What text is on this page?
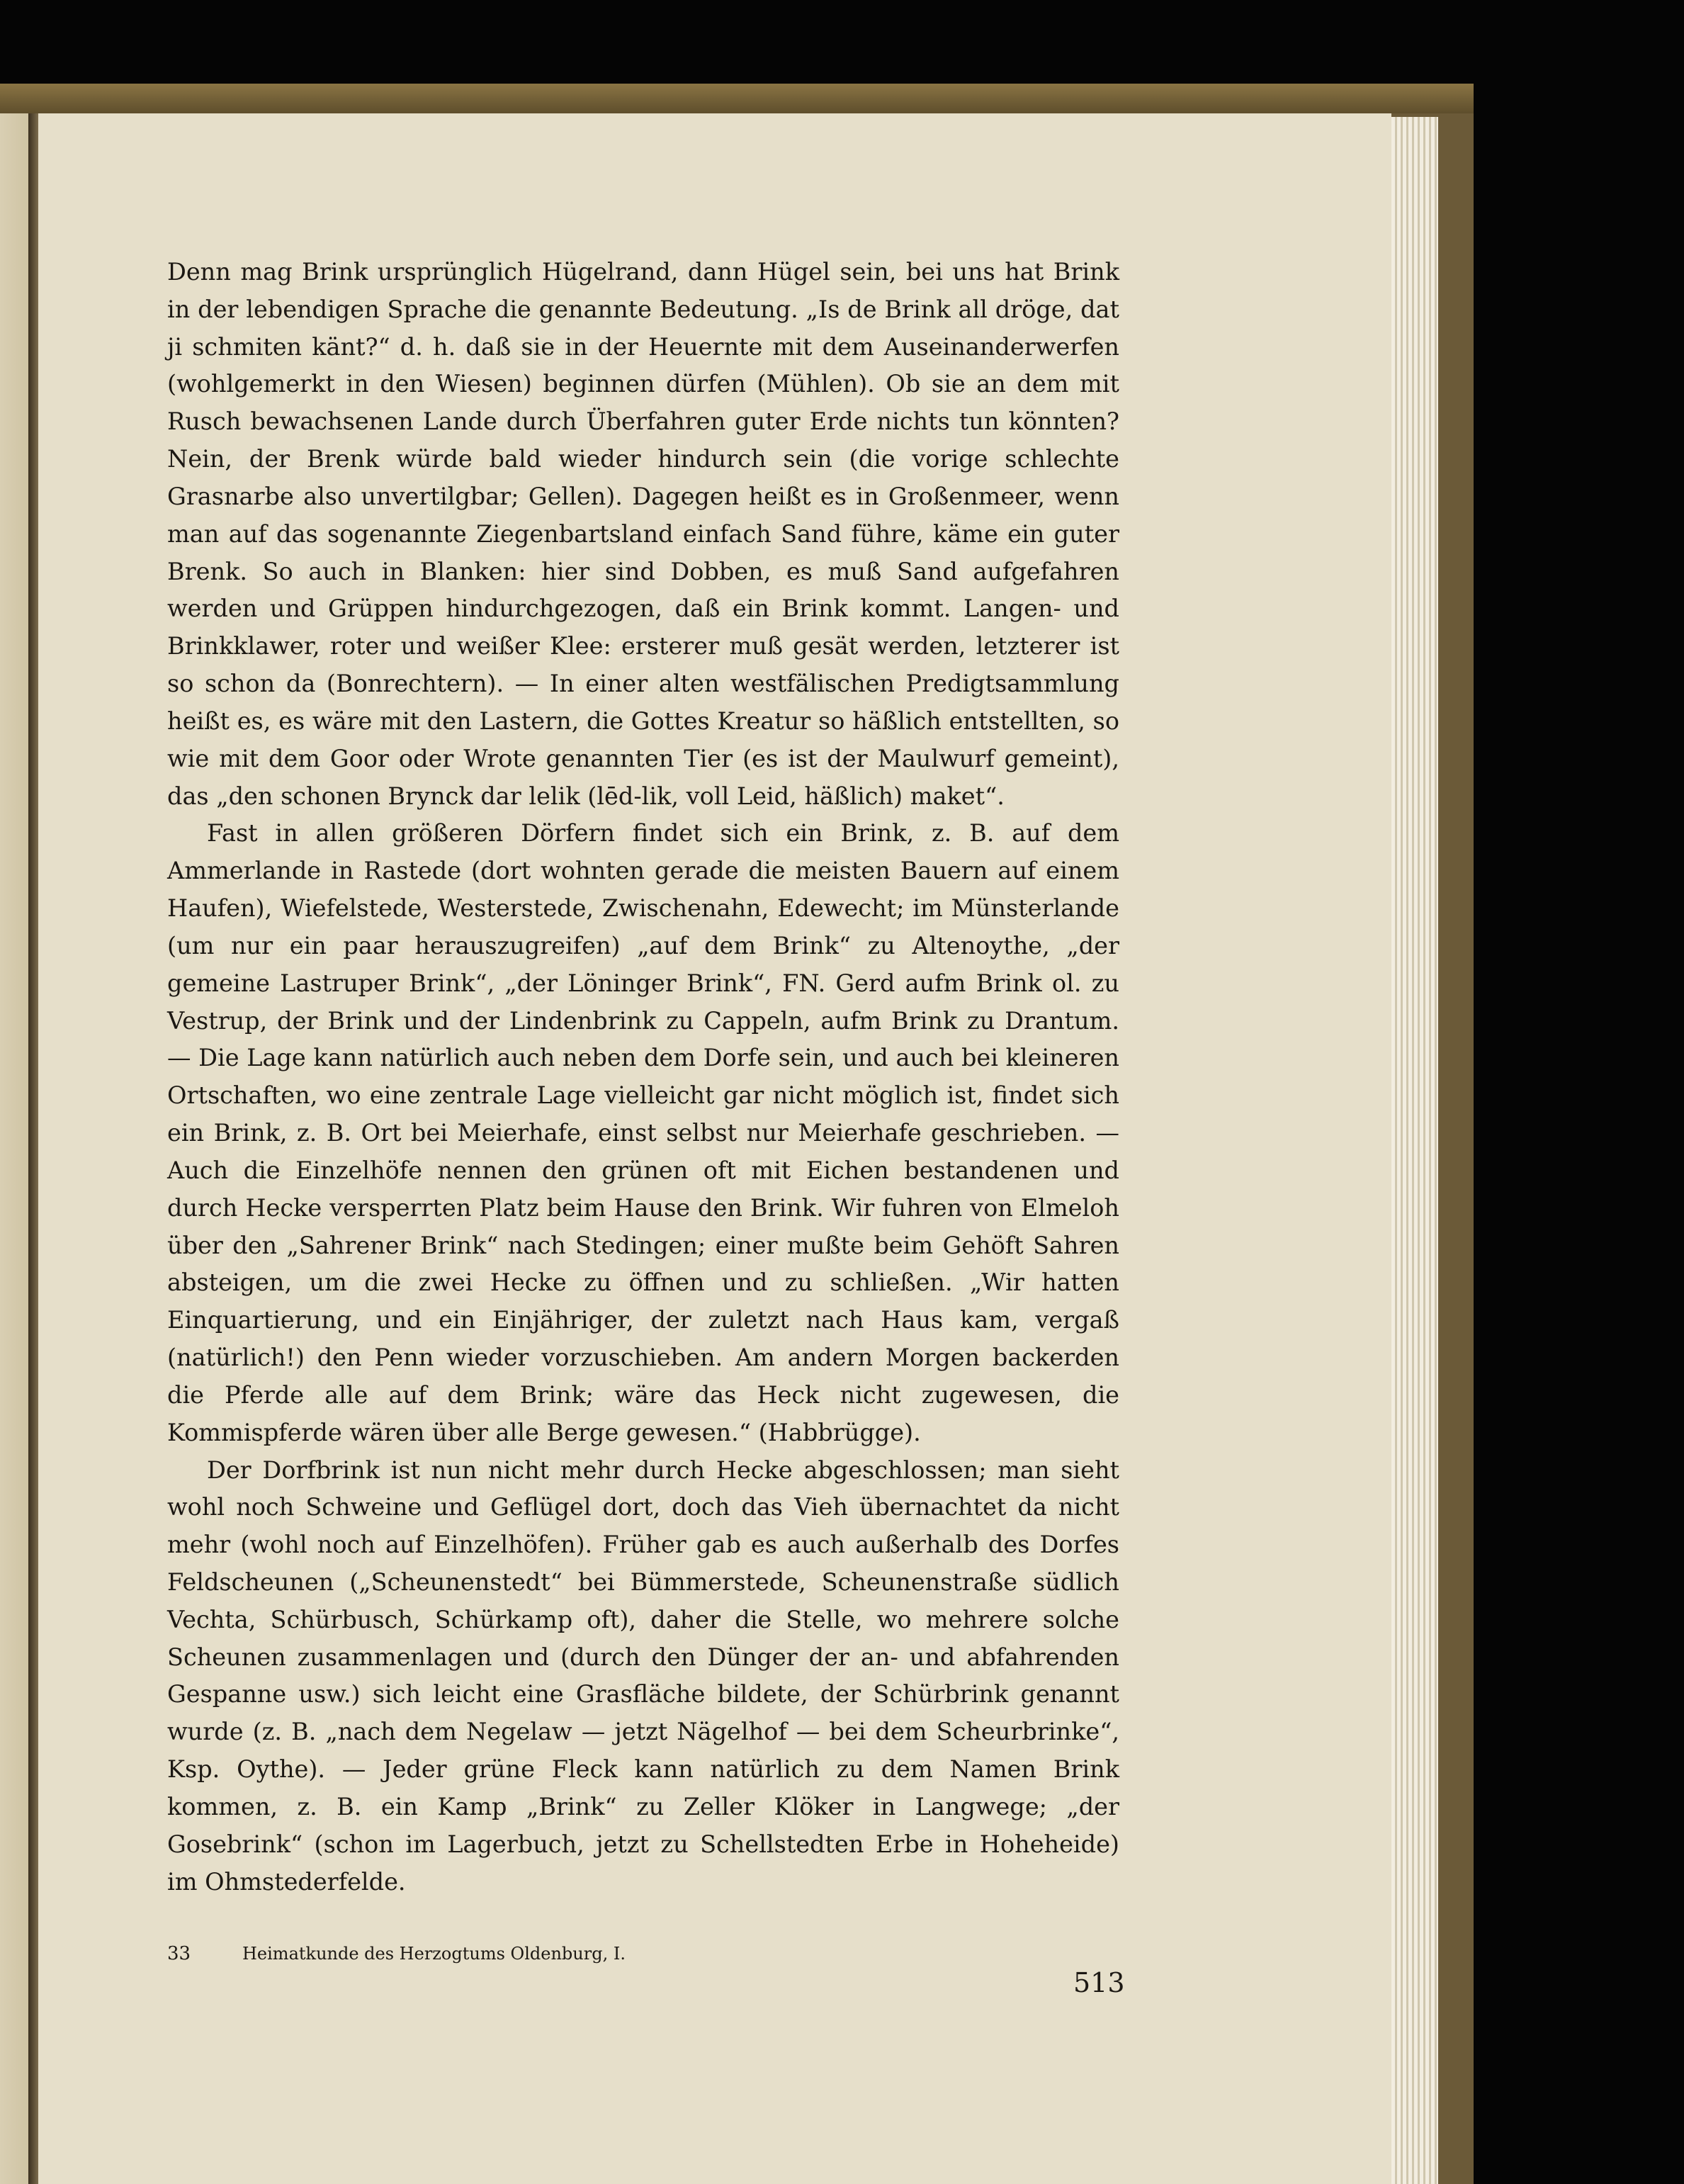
Denn mag Brink ursprünglich Hügelrand, dann Hügel sein, bei uns hat Brink in der lebendigen Sprache die genannte Bedeutung. „Is de Brink all dröge, dat ji schmiten känt?“ d. h. daß sie in der Heuernte mit dem Auseinanderwerfen (wohlgemerkt in den Wiesen) beginnen dürfen (Mühlen). Ob sie an dem mit Rusch bewachsenen Lande durch Überfahren guter Erde nichts tun könnten? Nein, der Brenk würde bald wieder hindurch sein (die vorige schlechte Grasnarbe also unvertilgbar; Gellen). Dagegen heißt es in Großenmeer, wenn man auf das sogenannte Ziegenbartsland einfach Sand führe, käme ein guter Brenk. So auch in Blanken: hier sind Dobben, es muß Sand aufgefahren werden und Grüppen hindurchgezogen, daß ein Brink kommt. Langen- und Brinkklawer, roter und weißer Klee: ersterer muß gesät werden, letzterer ist so schon da (Bonrechtern). — In einer alten westfälischen Predigtsammlung heißt es, es wäre mit den Lastern, die Gottes Kreatur so häßlich entstellten, so wie mit dem Goor oder Wrote genannten Tier (es ist der Maulwurf gemeint), das „den schonen Brynck dar lelik (lēd-lik, voll Leid, häßlich) maket“.

Fast in allen größeren Dörfern findet sich ein Brink, z. B. auf dem Ammerlande in Rastede (dort wohnten gerade die meisten Bauern auf einem Haufen), Wiefelstede, Westerstede, Zwischenahn, Edewecht; im Münsterlande (um nur ein paar herauszugreifen) „auf dem Brink“ zu Altenoythe, „der gemeine Lastruper Brink“, „der Löninger Brink“, FN. Gerd aufm Brink ol. zu Vestrup, der Brink und der Lindenbrink zu Cappeln, aufm Brink zu Drantum. — Die Lage kann natürlich auch neben dem Dorfe sein, und auch bei kleineren Ortschaften, wo eine zentrale Lage vielleicht gar nicht möglich ist, findet sich ein Brink, z. B. Ort bei Meierhafe, einst selbst nur Meierhafe geschrieben. — Auch die Einzelhöfe nennen den grünen oft mit Eichen bestandenen und durch Hecke versperrten Platz beim Hause den Brink. Wir fuhren von Elmeloh über den „Sahrener Brink“ nach Stedingen; einer mußte beim Gehöft Sahren absteigen, um die zwei Hecke zu öffnen und zu schließen. „Wir hatten Einquartierung, und ein Einjähriger, der zuletzt nach Haus kam, vergaß (natürlich!) den Penn wieder vorzuschieben. Am andern Morgen backerden die Pferde alle auf dem Brink; wäre das Heck nicht zugewesen, die Kommispferde wären über alle Berge gewesen.“ (Habbrügge).

Der Dorfbrink ist nun nicht mehr durch Hecke abgeschlossen; man sieht wohl noch Schweine und Geflügel dort, doch das Vieh übernachtet da nicht mehr (wohl noch auf Einzelhöfen). Früher gab es auch außerhalb des Dorfes Feldscheunen („Scheunenstedt“ bei Bümmerstede, Scheunenstraße südlich Vechta, Schürbusch, Schürkamp oft), daher die Stelle, wo mehrere solche Scheunen zusammenlagen und (durch den Dünger der an- und abfahrenden Gespanne usw.) sich leicht eine Grasfläche bildete, der Schürbrink genannt wurde (z. B. „nach dem Negelaw — jetzt Nägelhof — bei dem Scheurbrinke“, Ksp. Oythe). — Jeder grüne Fleck kann natürlich zu dem Namen Brink kommen, z. B. ein Kamp „Brink“ zu Zeller Klöker in Langwege; „der Gosebrink“ (schon im Lagerbuch, jetzt zu Schellstedten Erbe in Hoheheide) im Ohmstederfelde.

33	Heimatkunde des Herzogtums Oldenburg, I.
513
